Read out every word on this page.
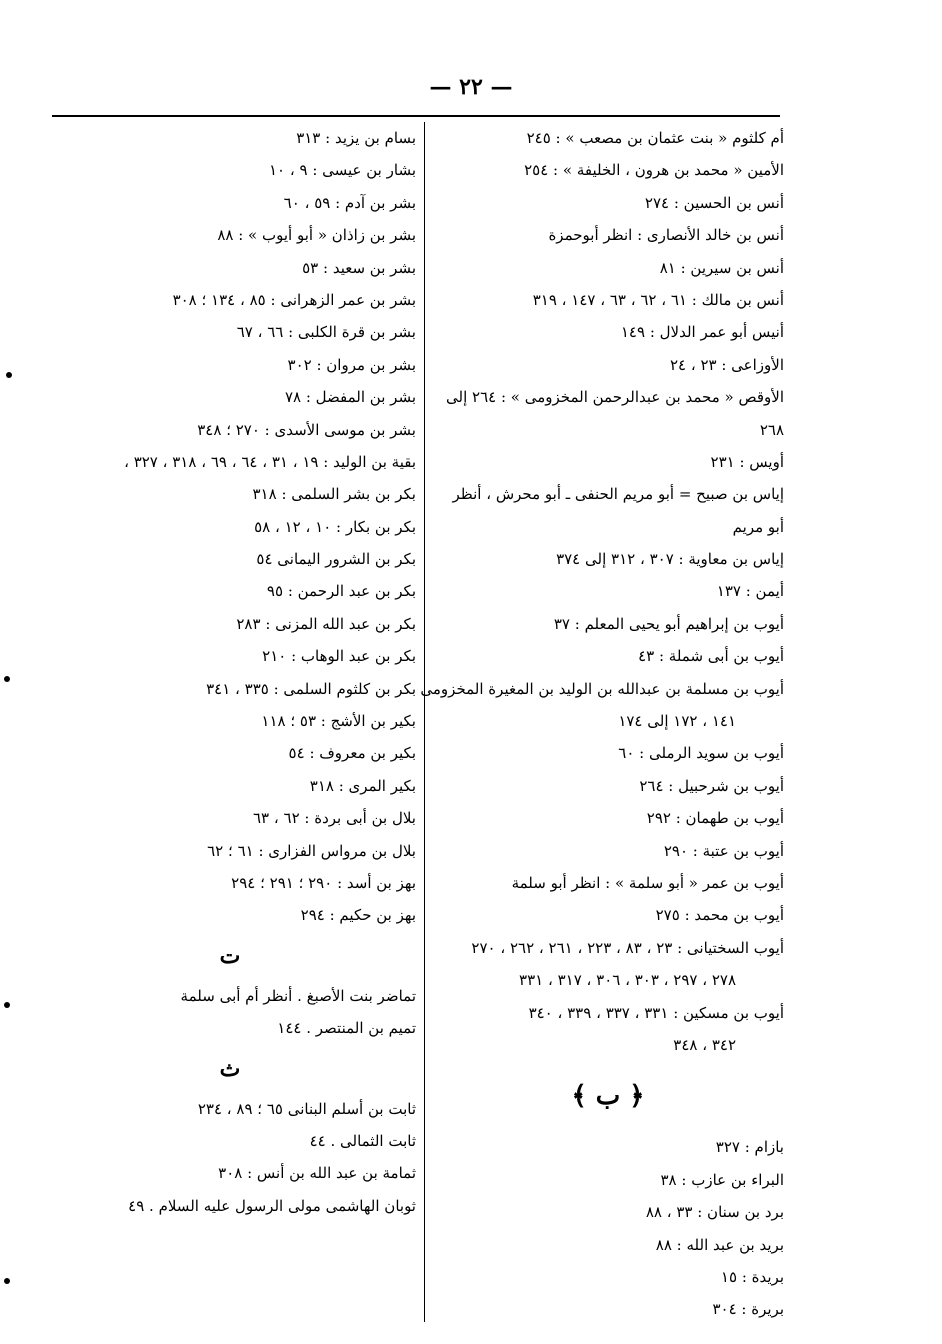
— ٢٢ —
أم كلثوم « بنت عثمان بن مصعب » : ٢٤٥
الأمين « محمد بن هرون ، الخليفة » : ٢٥٤
أنس بن الحسين : ٢٧٤
أنس بن خالد الأنصارى : انظر أبوحمزة
أنس بن سيرين : ٨١
أنس بن مالك : ٦١ ، ٦٢ ، ٦٣ ، ١٤٧ ، ٣١٩
أنيس أبو عمر الدلال : ١٤٩
الأوزاعى : ٢٣ ، ٢٤
الأوقص « محمد بن عبدالرحمن المخزومى » : ٢٦٤ إلى
٢٦٨
أويس : ٢٣١
إياس بن صبيح = أبو مريم الحنفى ـ أبو محرش ، أنظر
أبو مريم
إياس بن معاوية : ٣٠٧ ، ٣١٢ إلى ٣٧٤
أيمن : ١٣٧
أيوب بن إبراهيم أبو يحيى المعلم : ٣٧
أيوب بن أبى شملة : ٤٣
أيوب بن مسلمة بن عبدالله بن الوليد بن المغيرة المخزومى
١٤١ ، ١٧٢ إلى ١٧٤
أيوب بن سويد الرملى : ٦٠
أيوب بن شرحبيل : ٢٦٤
أيوب بن طهمان : ٢٩٢
أيوب بن عتبة : ٢٩٠
أيوب بن عمر « أبو سلمة » : انظر أبو سلمة
أيوب بن محمد : ٢٧٥
أيوب السختيانى : ٢٣ ، ٨٣ ، ٢٢٣ ، ٢٦١ ، ٢٦٢ ، ٢٧٠
٢٧٨ ، ٢٩٧ ، ٣٠٣ ، ٣٠٦ ، ٣١٧ ، ٣٣١
أيوب بن مسكين : ٣٣١ ، ٣٣٧ ، ٣٣٩ ، ٣٤٠
٣٤٢ ، ٣٤٨
﴿ ب ﴾
بازام : ٣٢٧
البراء بن عازب : ٣٨
برد بن سنان : ٣٣ ، ٨٨
بريد بن عبد الله : ٨٨
بريدة : ١٥
بريرة : ٣٠٤
بسام بن يزيد : ٣١٣
بشار بن عيسى : ٩ ، ١٠
بشر بن آدم : ٥٩ ، ٦٠
بشر بن زاذان « أبو أيوب » : ٨٨
بشر بن سعيد : ٥٣
بشر بن عمر الزهرانى : ٨٥ ، ١٣٤ ؛ ٣٠٨
بشر بن قرة الكلبى : ٦٦ ، ٦٧
بشر بن مروان : ٣٠٢
بشر بن المفضل : ٧٨
بشر بن موسى الأسدى : ٢٧٠ ؛ ٣٤٨
بقية بن الوليد : ١٩ ، ٣١ ، ٦٤ ، ٦٩ ، ٣١٨ ، ٣٢٧ ،
بكر بن بشر السلمى : ٣١٨
بكر بن بكار : ١٠ ، ١٢ ، ٥٨
بكر بن الشرور اليمانى ٥٤
بكر بن عبد الرحمن : ٩٥
بكر بن عبد الله المزنى : ٢٨٣
بكر بن عبد الوهاب : ٢١٠
بكر بن كلثوم السلمى : ٣٣٥ ، ٣٤١
بكير بن الأشج : ٥٣ ؛ ١١٨
بكير بن معروف : ٥٤
بكير المرى : ٣١٨
بلال بن أبى بردة : ٦٢ ، ٦٣
بلال بن مرواس الفزارى : ٦١ ؛ ٦٢
بهز بن أسد : ٢٩٠ ؛ ٢٩١ ؛ ٢٩٤
بهز بن حكيم : ٢٩٤
ت
تماضر بنت الأصبغ . أنظر أم أبى سلمة
تميم بن المنتصر . ١٤٤
ث
ثابت بن أسلم البنانى ٦٥ ؛ ٨٩ ، ٢٣٤
ثابت الثمالى . ٤٤
ثمامة بن عبد الله بن أنس : ٣٠٨
ثوبان الهاشمى مولى الرسول عليه السلام . ٤٩
